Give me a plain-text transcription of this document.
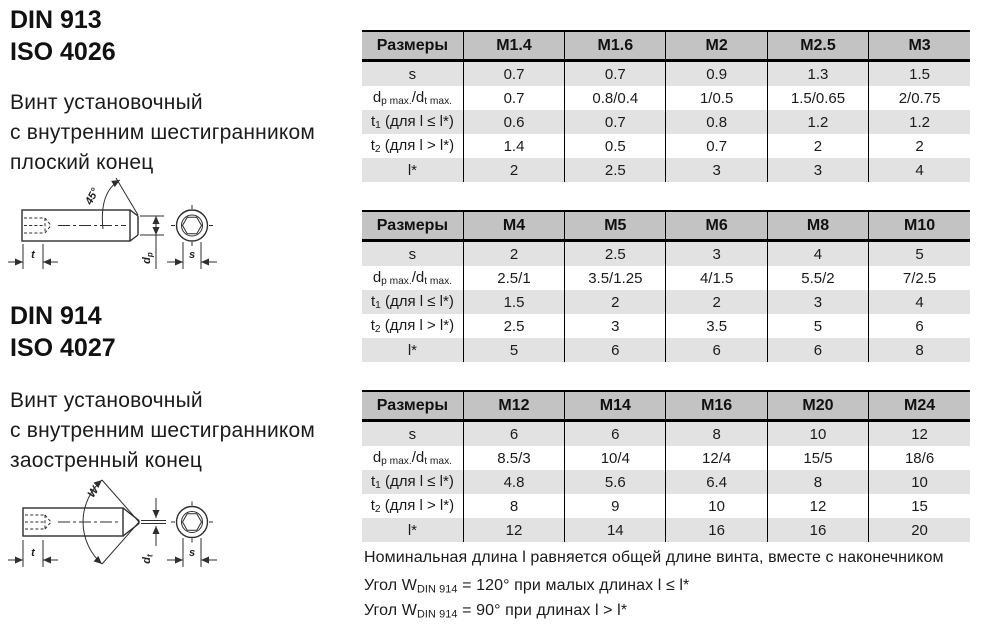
DIN 913
ISO 4026
Винт установочный
с внутренним шестигранником
плоский конец
45°
t	$d_p$	s
DIN 914
ISO 4027
Винт установочный
с внутренним шестигранником
заостренный конец
W
t
$d_t$	s
Размеры	M1.4	M1.6	M2	M2.5	M3
s	0.7	0.7	0.9	1.3	1.5
dp max./dt max.	0.7	0.8/0.4	1/0.5	1.5/0.65	2/0.75
t1 (для l ≤ l*)	0.6	0.7	0.8	1.2	1.2
t2 (для l > l*)	1.4	0.5	0.7	2	2
l*	2	2.5	3	3	4
Размеры	M4	M5	M6	M8	M10
s	2	2.5	3	4	5
dp max./dt max.	2.5/1	3.5/1.25	4/1.5	5.5/2	7/2.5
t1 (для l ≤ l*)	1.5	2	2	3	4
t2 (для l > l*)	2.5	3	3.5	5	6
l*	5	6	6	6	8
Размеры	M12	M14	M16	M20	M24
s	6	6	8	10	12
dp max./dt max.	8.5/3	10/4	12/4	15/5	18/6
t1 (для l ≤ l*)	4.8	5.6	6.4	8	10
t2 (для l > l*)	8	9	10	12	15
l*	12	14	16	16	20
Номинальная длина l равняется общей длине винта, вместе с наконечником
Угол WDIN 914 = 120° при малых длинах l ≤ l*
Угол WDIN 914 = 90° при длинах l > l*
